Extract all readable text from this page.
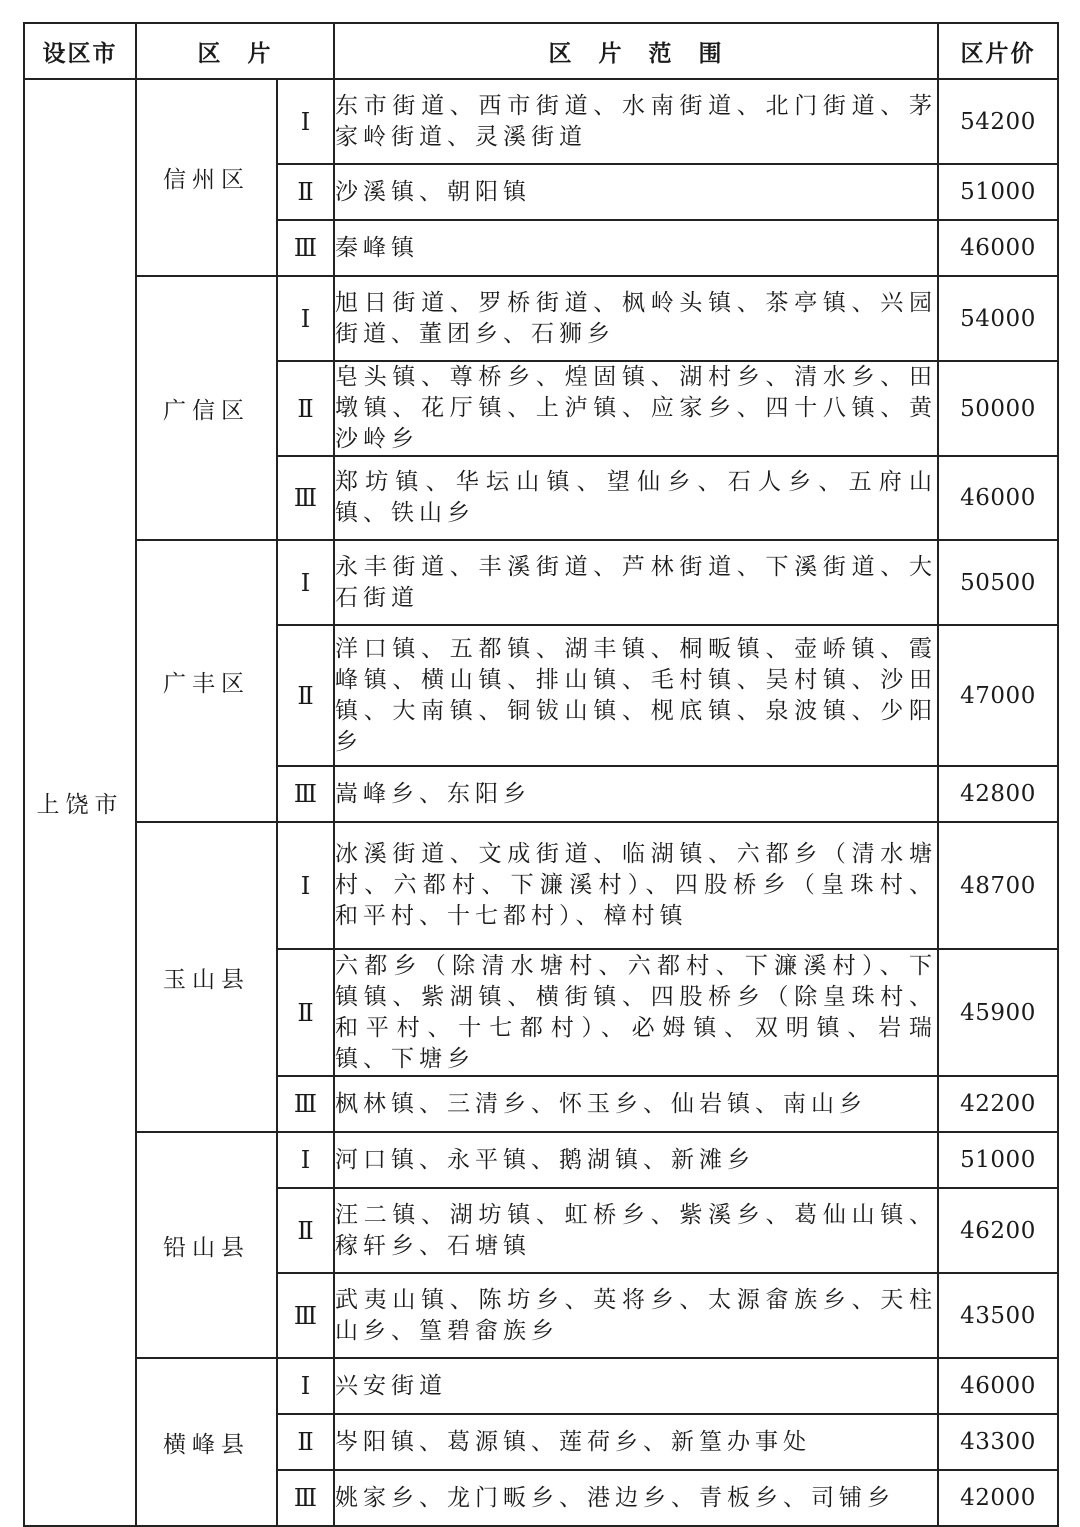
设区市	区　片		区　片　范　围	区片价
上饶市	信州区	Ⅰ	东市街道、西市街道、水南街道、北门街道、茅家岭街道、灵溪街道	54200
		Ⅱ	沙溪镇、朝阳镇	51000
		Ⅲ	秦峰镇	46000
	广信区	Ⅰ	旭日街道、罗桥街道、枫岭头镇、茶亭镇、兴园街道、董团乡、石狮乡	54000
		Ⅱ	皂头镇、尊桥乡、煌固镇、湖村乡、清水乡、田墩镇、花厅镇、上泸镇、应家乡、四十八镇、黄沙岭乡	50000
		Ⅲ	郑坊镇、华坛山镇、望仙乡、石人乡、五府山镇、铁山乡	46000
	广丰区	Ⅰ	永丰街道、丰溪街道、芦林街道、下溪街道、大石街道	50500
		Ⅱ	洋口镇、五都镇、湖丰镇、桐畈镇、壶峤镇、霞峰镇、横山镇、排山镇、毛村镇、吴村镇、沙田镇、大南镇、铜钹山镇、枧底镇、泉波镇、少阳乡	47000
		Ⅲ	嵩峰乡、东阳乡	42800
	玉山县	Ⅰ	冰溪街道、文成街道、临湖镇、六都乡（清水塘村、六都村、下濂溪村）、四股桥乡（皇珠村、和平村、十七都村）、樟村镇	48700
		Ⅱ	六都乡（除清水塘村、六都村、下濂溪村）、下镇镇、紫湖镇、横街镇、四股桥乡（除皇珠村、和平村、十七都村）、必姆镇、双明镇、岩瑞镇、下塘乡	45900
		Ⅲ	枫林镇、三清乡、怀玉乡、仙岩镇、南山乡	42200
	铅山县	Ⅰ	河口镇、永平镇、鹅湖镇、新滩乡	51000
		Ⅱ	汪二镇、湖坊镇、虹桥乡、紫溪乡、葛仙山镇、稼轩乡、石塘镇	46200
		Ⅲ	武夷山镇、陈坊乡、英将乡、太源畲族乡、天柱山乡、篁碧畲族乡	43500
	横峰县	Ⅰ	兴安街道	46000
		Ⅱ	岑阳镇、葛源镇、莲荷乡、新篁办事处	43300
		Ⅲ	姚家乡、龙门畈乡、港边乡、青板乡、司铺乡	42000
